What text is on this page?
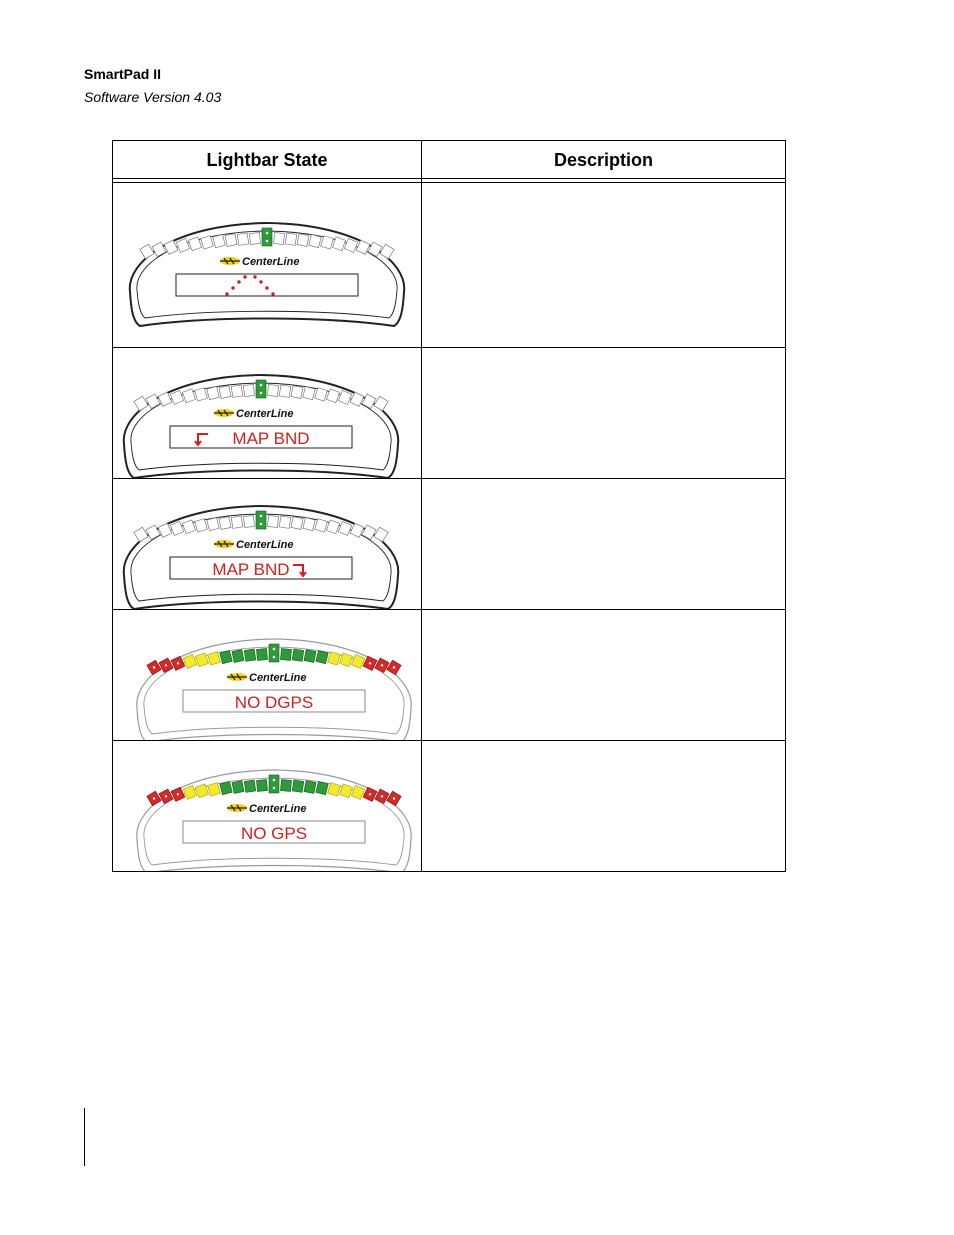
SmartPad II
Software Version 4.03
Lightbar State	Description
CenterLine
CenterLine
MAP BND
CenterLine
MAP BND
CenterLine
NO DGPS
CenterLine
NO GPS
